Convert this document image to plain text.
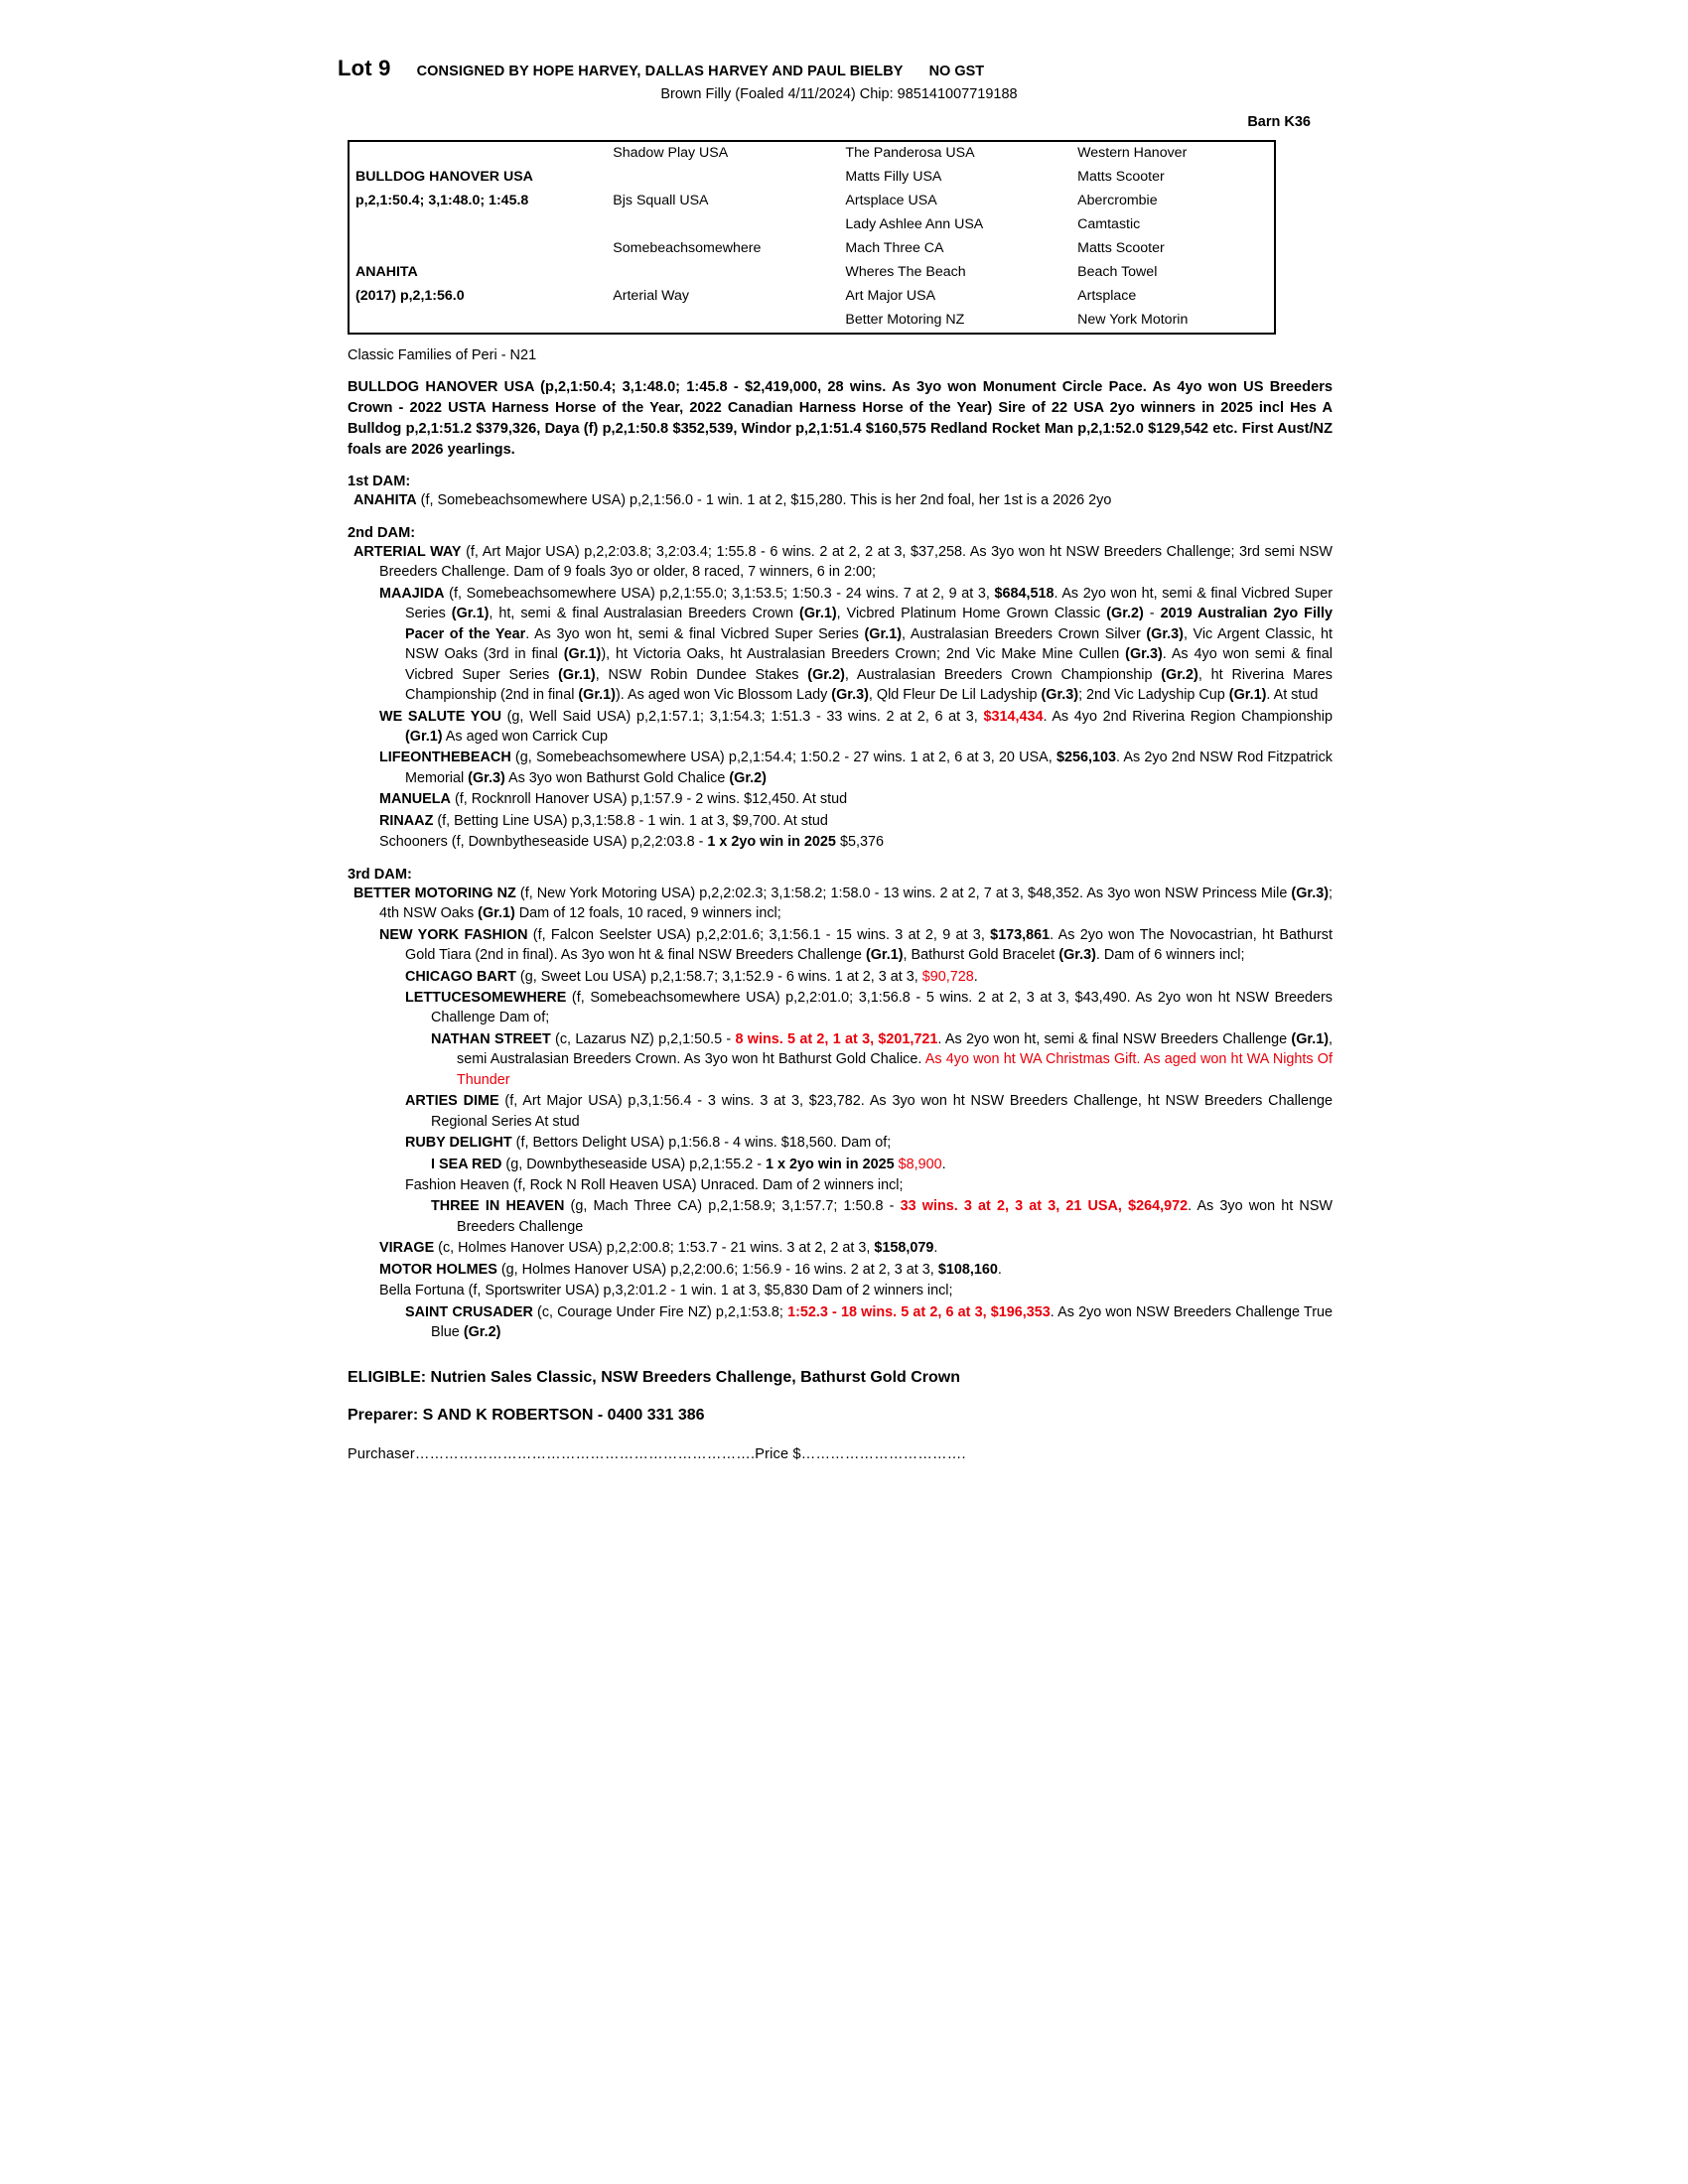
Lot 9 CONSIGNED BY HOPE HARVEY, DALLAS HARVEY AND PAUL BIELBY NO GST
Brown Filly (Foaled 4/11/2024) Chip: 985141007719188
Barn K36
	Shadow Play USA	The Panderosa USA	Western Hanover
BULLDOG HANOVER USA		Matts Filly USA	Matts Scooter
p,2,1:50.4; 3,1:48.0; 1:45.8	Bjs Squall USA	Artsplace USA	Abercrombie
		Lady Ashlee Ann USA	Camtastic
	Somebeachsomewhere	Mach Three CA	Matts Scooter
ANAHITA		Wheres The Beach	Beach Towel
(2017) p,2,1:56.0	Arterial Way	Art Major USA	Artsplace
		Better Motoring NZ	New York Motorin
Classic Families of Peri - N21
BULLDOG HANOVER USA (p,2,1:50.4; 3,1:48.0; 1:45.8 - $2,419,000, 28 wins. As 3yo won Monument Circle Pace. As 4yo won US Breeders Crown - 2022 USTA Harness Horse of the Year, 2022 Canadian Harness Horse of the Year) Sire of 22 USA 2yo winners in 2025 incl Hes A Bulldog p,2,1:51.2 $379,326, Daya (f) p,2,1:50.8 $352,539, Windor p,2,1:51.4 $160,575 Redland Rocket Man p,2,1:52.0 $129,542 etc. First Aust/NZ foals are 2026 yearlings.
1st DAM:
ANAHITA (f, Somebeachsomewhere USA) p,2,1:56.0 - 1 win. 1 at 2, $15,280. This is her 2nd foal, her 1st is a 2026 2yo
2nd DAM:
ARTERIAL WAY (f, Art Major USA) p,2,2:03.8; 3,2:03.4; 1:55.8 - 6 wins. 2 at 2, 2 at 3, $37,258. As 3yo won ht NSW Breeders Challenge; 3rd semi NSW Breeders Challenge. Dam of 9 foals 3yo or older, 8 raced, 7 winners, 6 in 2:00;
MAAJIDA (f, Somebeachsomewhere USA) p,2,1:55.0; 3,1:53.5; 1:50.3 - 24 wins. 7 at 2, 9 at 3, $684,518. As 2yo won ht, semi & final Vicbred Super Series (Gr.1), ht, semi & final Australasian Breeders Crown (Gr.1), Vicbred Platinum Home Grown Classic (Gr.2) - 2019 Australian 2yo Filly Pacer of the Year. As 3yo won ht, semi & final Vicbred Super Series (Gr.1), Australasian Breeders Crown Silver (Gr.3), Vic Argent Classic, ht NSW Oaks (3rd in final (Gr.1)), ht Victoria Oaks, ht Australasian Breeders Crown; 2nd Vic Make Mine Cullen (Gr.3). As 4yo won semi & final Vicbred Super Series (Gr.1), NSW Robin Dundee Stakes (Gr.2), Australasian Breeders Crown Championship (Gr.2), ht Riverina Mares Championship (2nd in final (Gr.1)). As aged won Vic Blossom Lady (Gr.3), Qld Fleur De Lil Ladyship (Gr.3); 2nd Vic Ladyship Cup (Gr.1). At stud
WE SALUTE YOU (g, Well Said USA) p,2,1:57.1; 3,1:54.3; 1:51.3 - 33 wins. 2 at 2, 6 at 3, $314,434. As 4yo 2nd Riverina Region Championship (Gr.1) As aged won Carrick Cup
LIFEONTHEBEACH (g, Somebeachsomewhere USA) p,2,1:54.4; 1:50.2 - 27 wins. 1 at 2, 6 at 3, 20 USA, $256,103. As 2yo 2nd NSW Rod Fitzpatrick Memorial (Gr.3) As 3yo won Bathurst Gold Chalice (Gr.2)
MANUELA (f, Rocknroll Hanover USA) p,1:57.9 - 2 wins. $12,450. At stud
RINAAZ (f, Betting Line USA) p,3,1:58.8 - 1 win. 1 at 3, $9,700. At stud
Schooners (f, Downbytheseaside USA) p,2,2:03.8 - 1 x 2yo win in 2025 $5,376
3rd DAM:
BETTER MOTORING NZ (f, New York Motoring USA) p,2,2:02.3; 3,1:58.2; 1:58.0 - 13 wins. 2 at 2, 7 at 3, $48,352. As 3yo won NSW Princess Mile (Gr.3); 4th NSW Oaks (Gr.1) Dam of 12 foals, 10 raced, 9 winners incl;
NEW YORK FASHION (f, Falcon Seelster USA) p,2,2:01.6; 3,1:56.1 - 15 wins. 3 at 2, 9 at 3, $173,861. As 2yo won The Novocastrian, ht Bathurst Gold Tiara (2nd in final). As 3yo won ht & final NSW Breeders Challenge (Gr.1), Bathurst Gold Bracelet (Gr.3). Dam of 6 winners incl;
CHICAGO BART (g, Sweet Lou USA) p,2,1:58.7; 3,1:52.9 - 6 wins. 1 at 2, 3 at 3, $90,728.
LETTUCESOMEWHERE (f, Somebeachsomewhere USA) p,2,2:01.0; 3,1:56.8 - 5 wins. 2 at 2, 3 at 3, $43,490. As 2yo won ht NSW Breeders Challenge Dam of;
NATHAN STREET (c, Lazarus NZ) p,2,1:50.5 - 8 wins. 5 at 2, 1 at 3, $201,721. As 2yo won ht, semi & final NSW Breeders Challenge (Gr.1), semi Australasian Breeders Crown. As 3yo won ht Bathurst Gold Chalice. As 4yo won ht WA Christmas Gift. As aged won ht WA Nights Of Thunder
ARTIES DIME (f, Art Major USA) p,3,1:56.4 - 3 wins. 3 at 3, $23,782. As 3yo won ht NSW Breeders Challenge, ht NSW Breeders Challenge Regional Series At stud
RUBY DELIGHT (f, Bettors Delight USA) p,1:56.8 - 4 wins. $18,560. Dam of;
I SEA RED (g, Downbytheseaside USA) p,2,1:55.2 - 1 x 2yo win in 2025 $8,900.
Fashion Heaven (f, Rock N Roll Heaven USA) Unraced. Dam of 2 winners incl;
THREE IN HEAVEN (g, Mach Three CA) p,2,1:58.9; 3,1:57.7; 1:50.8 - 33 wins. 3 at 2, 3 at 3, 21 USA, $264,972. As 3yo won ht NSW Breeders Challenge
VIRAGE (c, Holmes Hanover USA) p,2,2:00.8; 1:53.7 - 21 wins. 3 at 2, 2 at 3, $158,079.
MOTOR HOLMES (g, Holmes Hanover USA) p,2,2:00.6; 1:56.9 - 16 wins. 2 at 2, 3 at 3, $108,160.
Bella Fortuna (f, Sportswriter USA) p,3,2:01.2 - 1 win. 1 at 3, $5,830 Dam of 2 winners incl;
SAINT CRUSADER (c, Courage Under Fire NZ) p,2,1:53.8; 1:52.3 - 18 wins. 5 at 2, 6 at 3, $196,353. As 2yo won NSW Breeders Challenge True Blue (Gr.2)
ELIGIBLE: Nutrien Sales Classic, NSW Breeders Challenge, Bathurst Gold Crown
Preparer: S AND K ROBERTSON - 0400 331 386
Purchaser…………………………………………………………….Price $…………………………….
